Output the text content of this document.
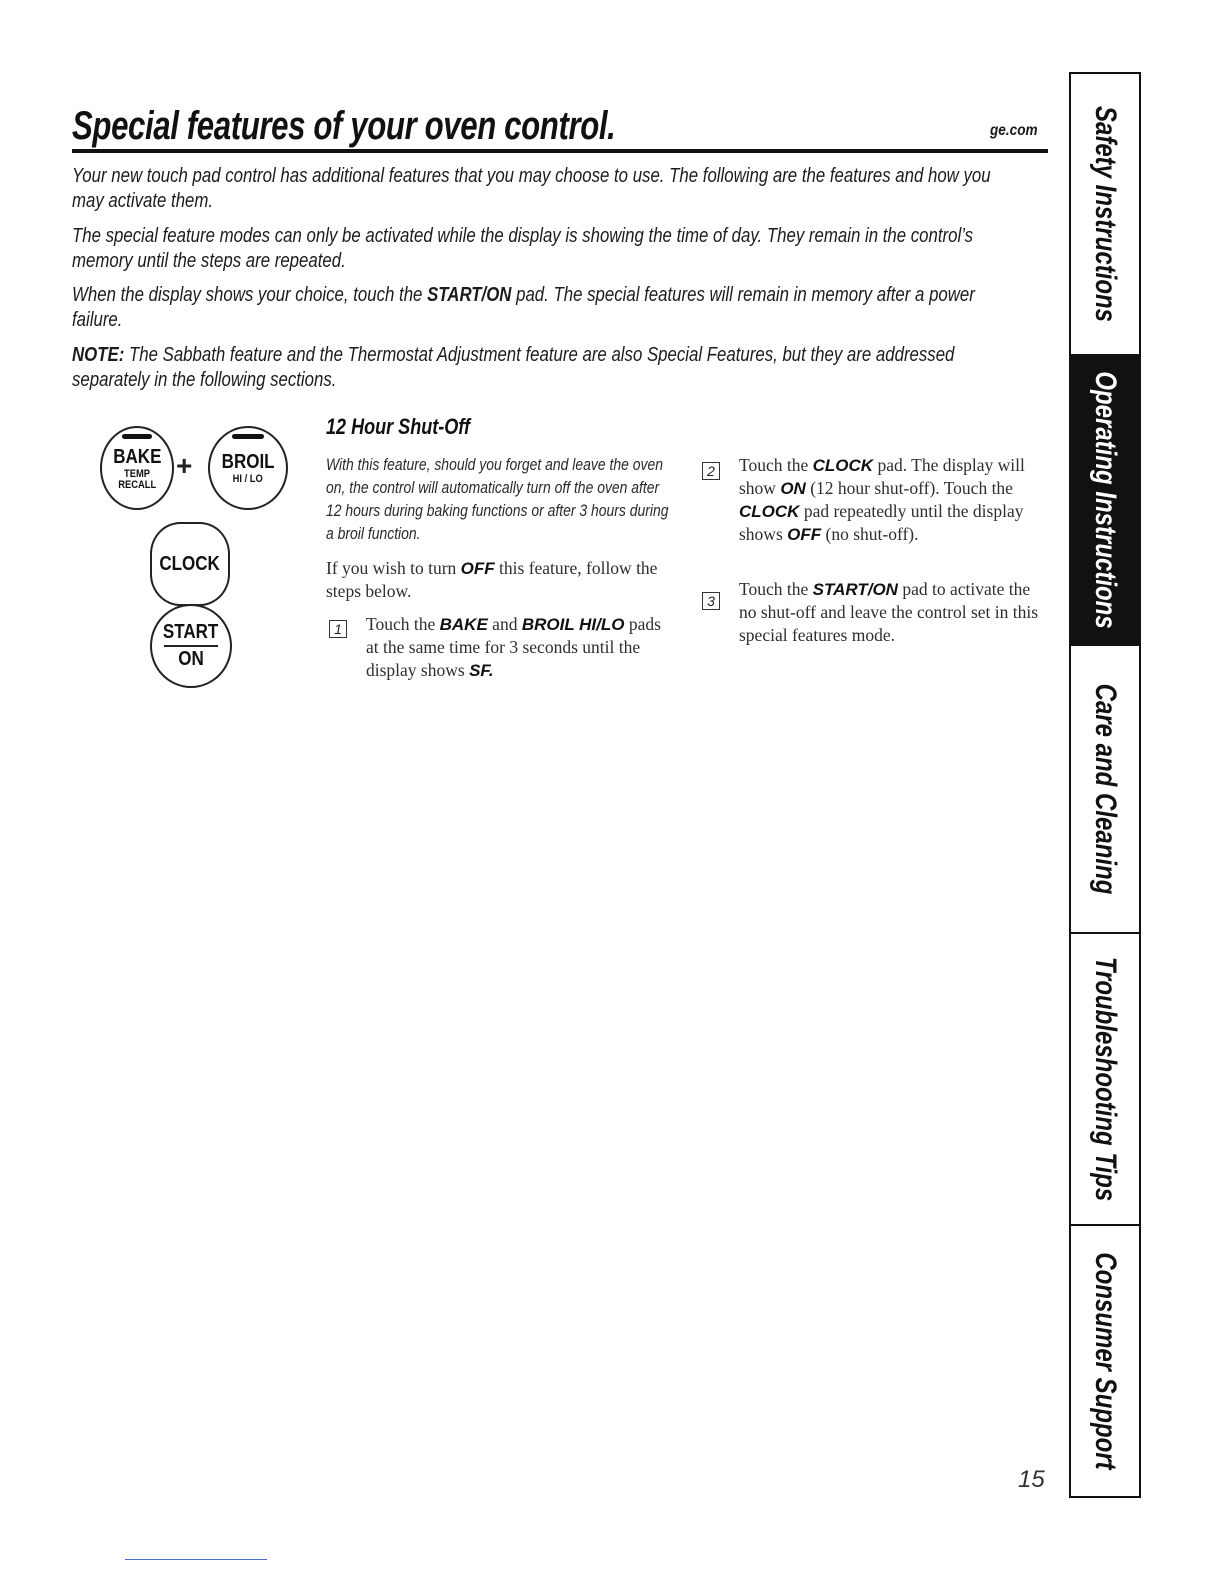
Special features of your oven control.	ge.com
Your new touch pad control has additional features that you may choose to use. The following are the features and how you may activate them.
The special feature modes can only be activated while the display is showing the time of day. They remain in the control’s memory until the steps are repeated.
When the display shows your choice, touch the START/ON pad. The special features will remain in memory after a power failure.
NOTE: The Sabbath feature and the Thermostat Adjustment feature are also Special Features, but they are addressed separately in the following sections.
BAKE
TEMP RECALL
+ BROIL
HI / LO
CLOCK
START
ON
12 Hour Shut-Off
With this feature, should you forget and leave the oven on, the control will automatically turn off the oven after 12 hours during baking functions or after 3 hours during a broil function.
If you wish to turn OFF this feature, follow the steps below.
1 Touch the BAKE and BROIL HI/LO pads at the same time for 3 seconds until the display shows SF.
2 Touch the CLOCK pad. The display will show ON (12 hour shut-off). Touch the CLOCK pad repeatedly until the display shows OFF (no shut-off).
3
Touch the START/ON pad to activate the no shut-off and leave the control set in this special features mode.
Safety Instructions
Operating Instructions
Care and Cleaning
Troubleshooting Tips
Consumer Support
15
